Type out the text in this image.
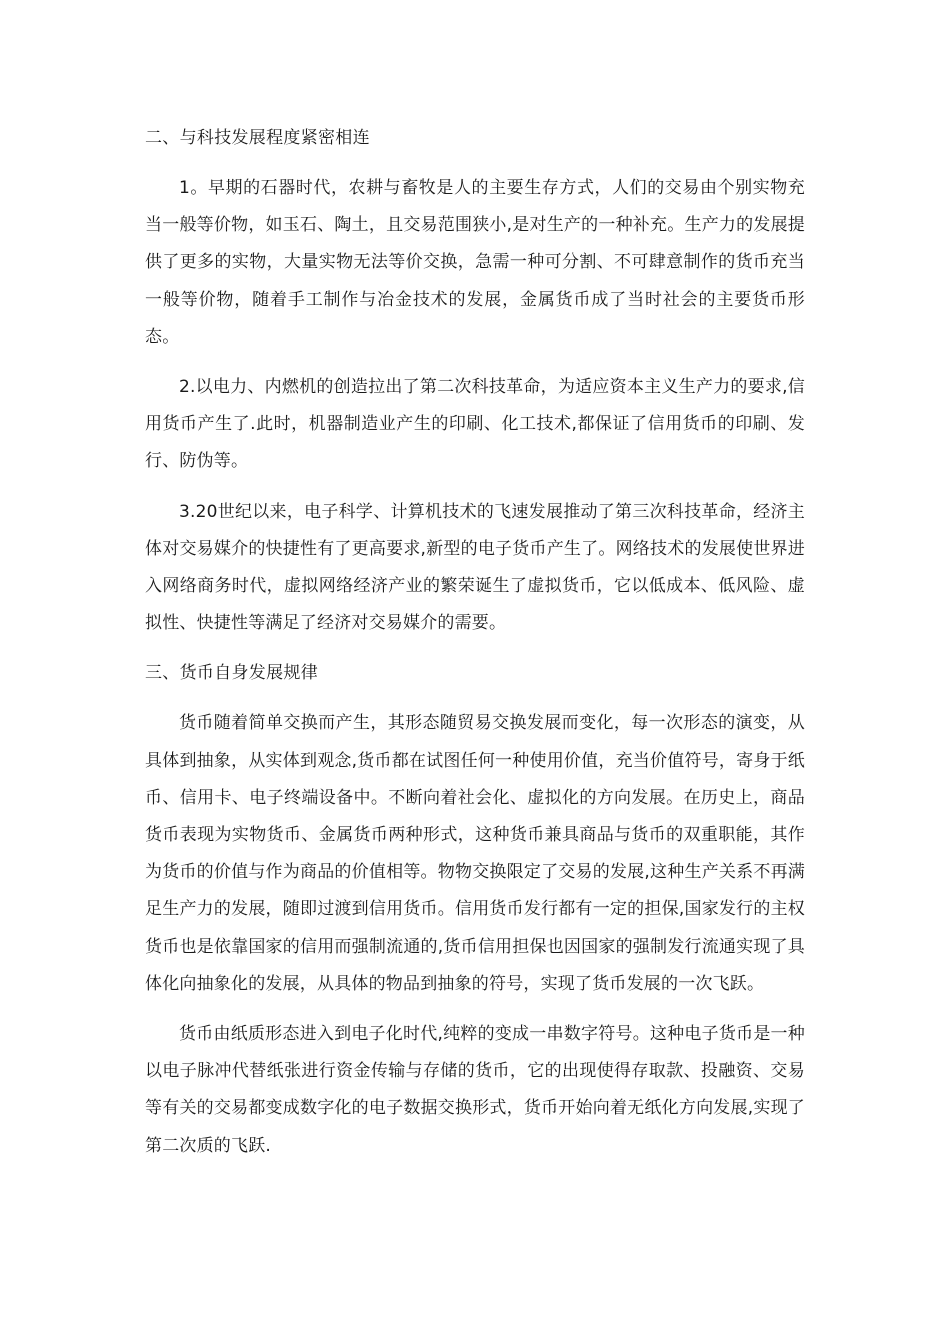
二、与科技发展程度紧密相连

1。早期的石器时代，农耕与畜牧是人的主要生存方式，人们的交易由个别实物充当一般等价物，如玉石、陶土，且交易范围狭小,是对生产的一种补充。生产力的发展提供了更多的实物，大量实物无法等价交换，急需一种可分割、不可肆意制作的货币充当一般等价物，随着手工制作与冶金技术的发展，金属货币成了当时社会的主要货币形态。

2.以电力、内燃机的创造拉出了第二次科技革命，为适应资本主义生产力的要求,信用货币产生了.此时，机器制造业产生的印刷、化工技术,都保证了信用货币的印刷、发行、防伪等。

3.20世纪以来，电子科学、计算机技术的飞速发展推动了第三次科技革命，经济主体对交易媒介的快捷性有了更高要求,新型的电子货币产生了。网络技术的发展使世界进入网络商务时代，虚拟网络经济产业的繁荣诞生了虚拟货币，它以低成本、低风险、虚拟性、快捷性等满足了经济对交易媒介的需要。

三、货币自身发展规律

货币随着简单交换而产生，其形态随贸易交换发展而变化，每一次形态的演变，从具体到抽象，从实体到观念,货币都在试图任何一种使用价值，充当价值符号，寄身于纸币、信用卡、电子终端设备中。不断向着社会化、虚拟化的方向发展。在历史上，商品货币表现为实物货币、金属货币两种形式，这种货币兼具商品与货币的双重职能，其作为货币的价值与作为商品的价值相等。物物交换限定了交易的发展,这种生产关系不再满足生产力的发展，随即过渡到信用货币。信用货币发行都有一定的担保,国家发行的主权货币也是依靠国家的信用而强制流通的,货币信用担保也因国家的强制发行流通实现了具体化向抽象化的发展，从具体的物品到抽象的符号，实现了货币发展的一次飞跃。

货币由纸质形态进入到电子化时代,纯粹的变成一串数字符号。这种电子货币是一种以电子脉冲代替纸张进行资金传输与存储的货币，它的出现使得存取款、投融资、交易等有关的交易都变成数字化的电子数据交换形式，货币开始向着无纸化方向发展,实现了第二次质的飞跃.
